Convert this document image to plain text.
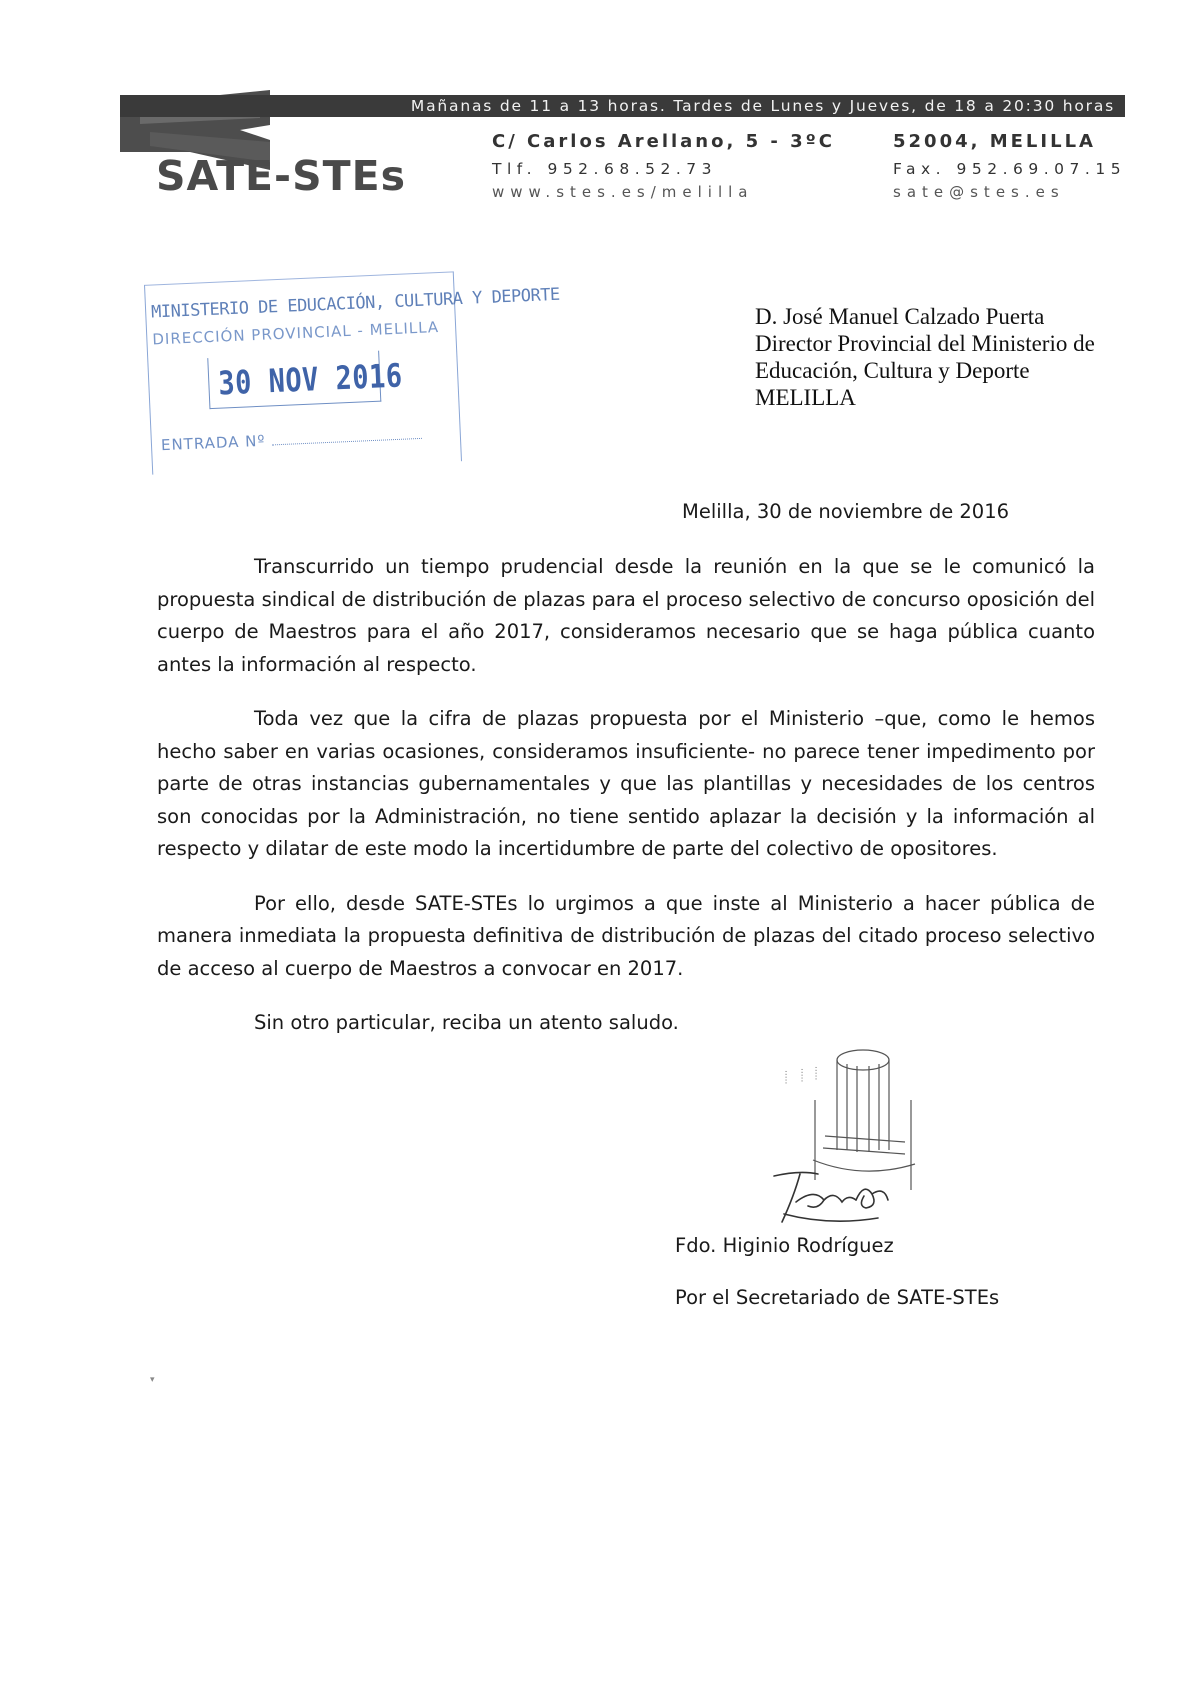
Mañanas de 11 a 13 horas. Tardes de Lunes y Jueves, de 18 a 20:30 horas
SATE-STEs
C/ Carlos Arellano, 5 - 3ºC	52004, MELILLA
Tlf. 952.68.52.73	Fax. 952.69.07.15
www.stes.es/melilla	sate@stes.es
MINISTERIO DE EDUCACIÓN, CULTURA Y DEPORTE
DIRECCIÓN PROVINCIAL - MELILLA
30 NOV 2016
ENTRADA Nº
D. José Manuel Calzado Puerta
Director Provincial del Ministerio de
Educación, Cultura y Deporte
MELILLA
Melilla, 30 de noviembre de 2016

Transcurrido un tiempo prudencial desde la reunión en la que se le comunicó la propuesta sindical de distribución de plazas para el proceso selectivo de concurso oposición del cuerpo de Maestros para el año 2017, consideramos necesario que se haga pública cuanto antes la información al respecto.

Toda vez que la cifra de plazas propuesta por el Ministerio –que, como le hemos hecho saber en varias ocasiones, consideramos insuficiente- no parece tener impedimento por parte de otras instancias gubernamentales y que las plantillas y necesidades de los centros son conocidas por la Administración, no tiene sentido aplazar la decisión y la información al respecto y dilatar de este modo la incertidumbre de parte del colectivo de opositores.

Por ello, desde SATE-STEs lo urgimos a que inste al Ministerio a hacer pública de manera inmediata la propuesta definitiva de distribución de plazas del citado proceso selectivo de acceso al cuerpo de Maestros a convocar en 2017.

Sin otro particular, reciba un atento saludo.

····· ····· ·····
Fdo. Higinio Rodríguez
Por el Secretariado de SATE-STEs
▾
